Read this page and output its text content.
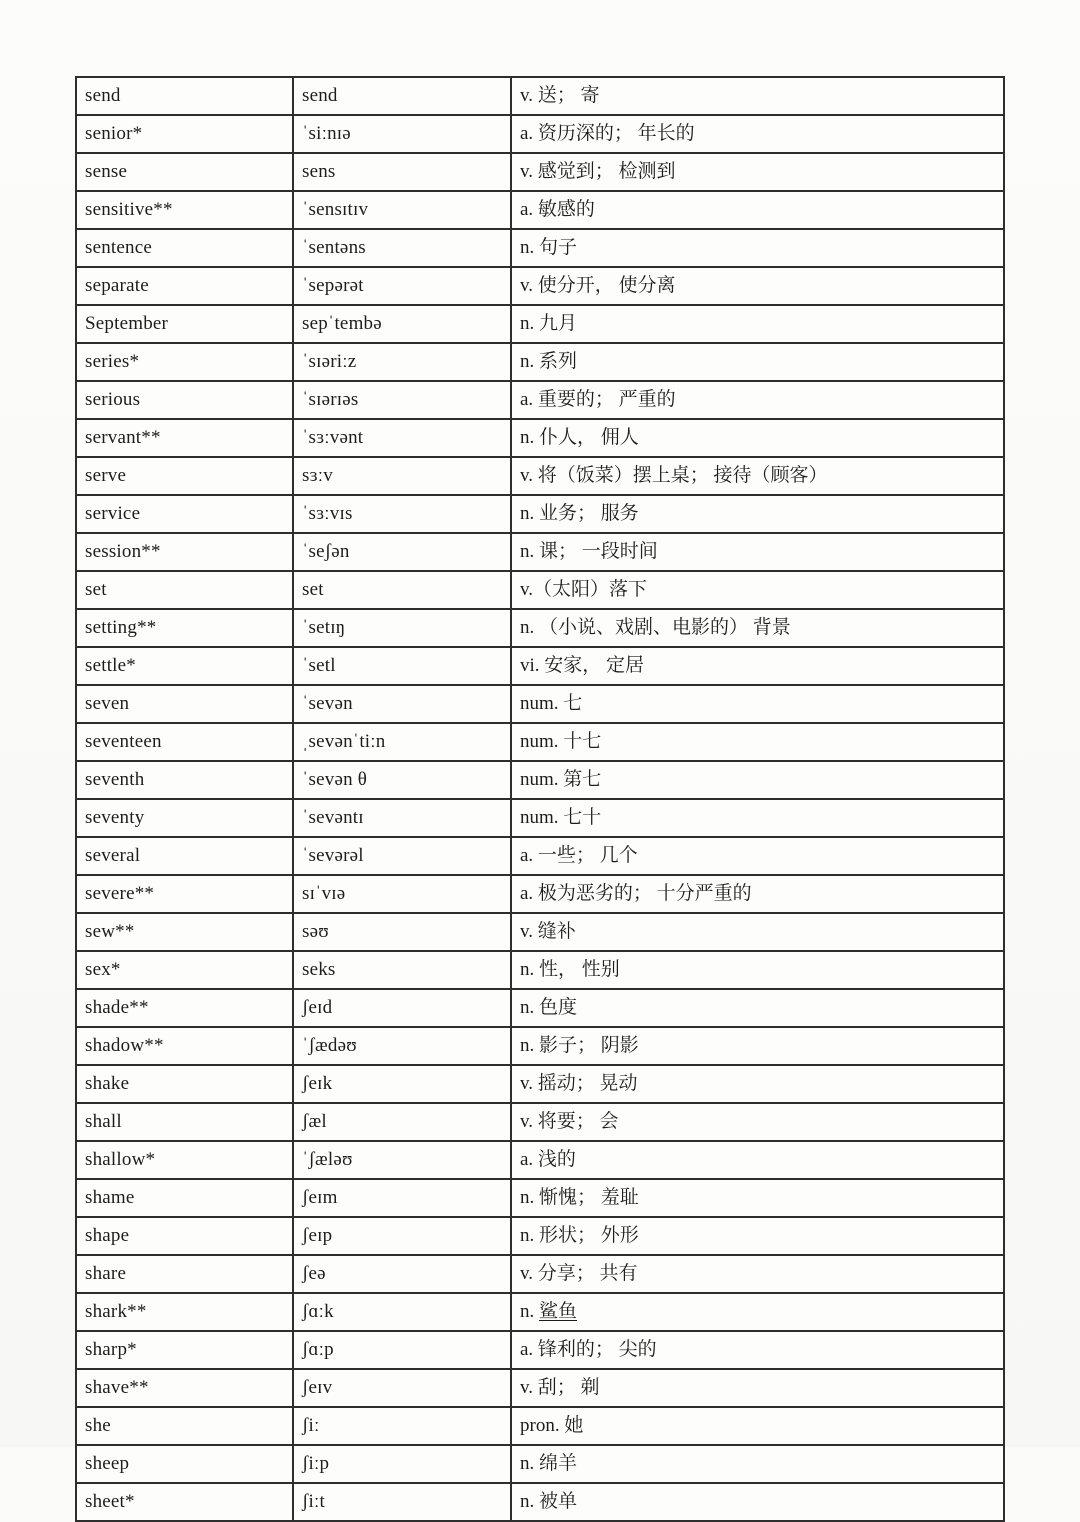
send	send	v. 送； 寄
senior*	ˈsiːnɪə	a. 资历深的； 年长的
sense	sens	v. 感觉到； 检测到
sensitive**	ˈsensɪtɪv	a. 敏感的
sentence	ˈsentəns	n. 句子
separate	ˈsepərət	v. 使分开， 使分离
September	sepˈtembə	n. 九月
series*	ˈsɪəriːz	n. 系列
serious	ˈsɪərɪəs	a. 重要的； 严重的
servant**	ˈsɜːvənt	n. 仆人， 佣人
serve	sɜːv	v. 将（饭菜）摆上桌； 接待（顾客）
service	ˈsɜːvɪs	n. 业务； 服务
session**	ˈseʃən	n. 课； 一段时间
set	set	v.（太阳）落下
setting**	ˈsetɪŋ	n. （小说、戏剧、电影的） 背景
settle*	ˈsetl	vi. 安家， 定居
seven	ˈsevən	num. 七
seventeen	ˌsevənˈtiːn	num. 十七
seventh	ˈsevən θ	num. 第七
seventy	ˈsevəntɪ	num. 七十
several	ˈsevərəl	a. 一些； 几个
severe**	sɪˈvɪə	a. 极为恶劣的； 十分严重的
sew**	səʊ	v. 缝补
sex*	seks	n. 性， 性别
shade**	ʃeɪd	n. 色度
shadow**	ˈʃædəʊ	n. 影子； 阴影
shake	ʃeɪk	v. 摇动； 晃动
shall	ʃæl	v. 将要； 会
shallow*	ˈʃæləʊ	a. 浅的
shame	ʃeɪm	n. 惭愧； 羞耻
shape	ʃeɪp	n. 形状； 外形
share	ʃeə	v. 分享； 共有
shark**	ʃɑːk	n. 鲨鱼
sharp*	ʃɑːp	a. 锋利的； 尖的
shave**	ʃeɪv	v. 刮； 剃
she	ʃiː	pron. 她
sheep	ʃiːp	n. 绵羊
sheet*	ʃiːt	n. 被单
